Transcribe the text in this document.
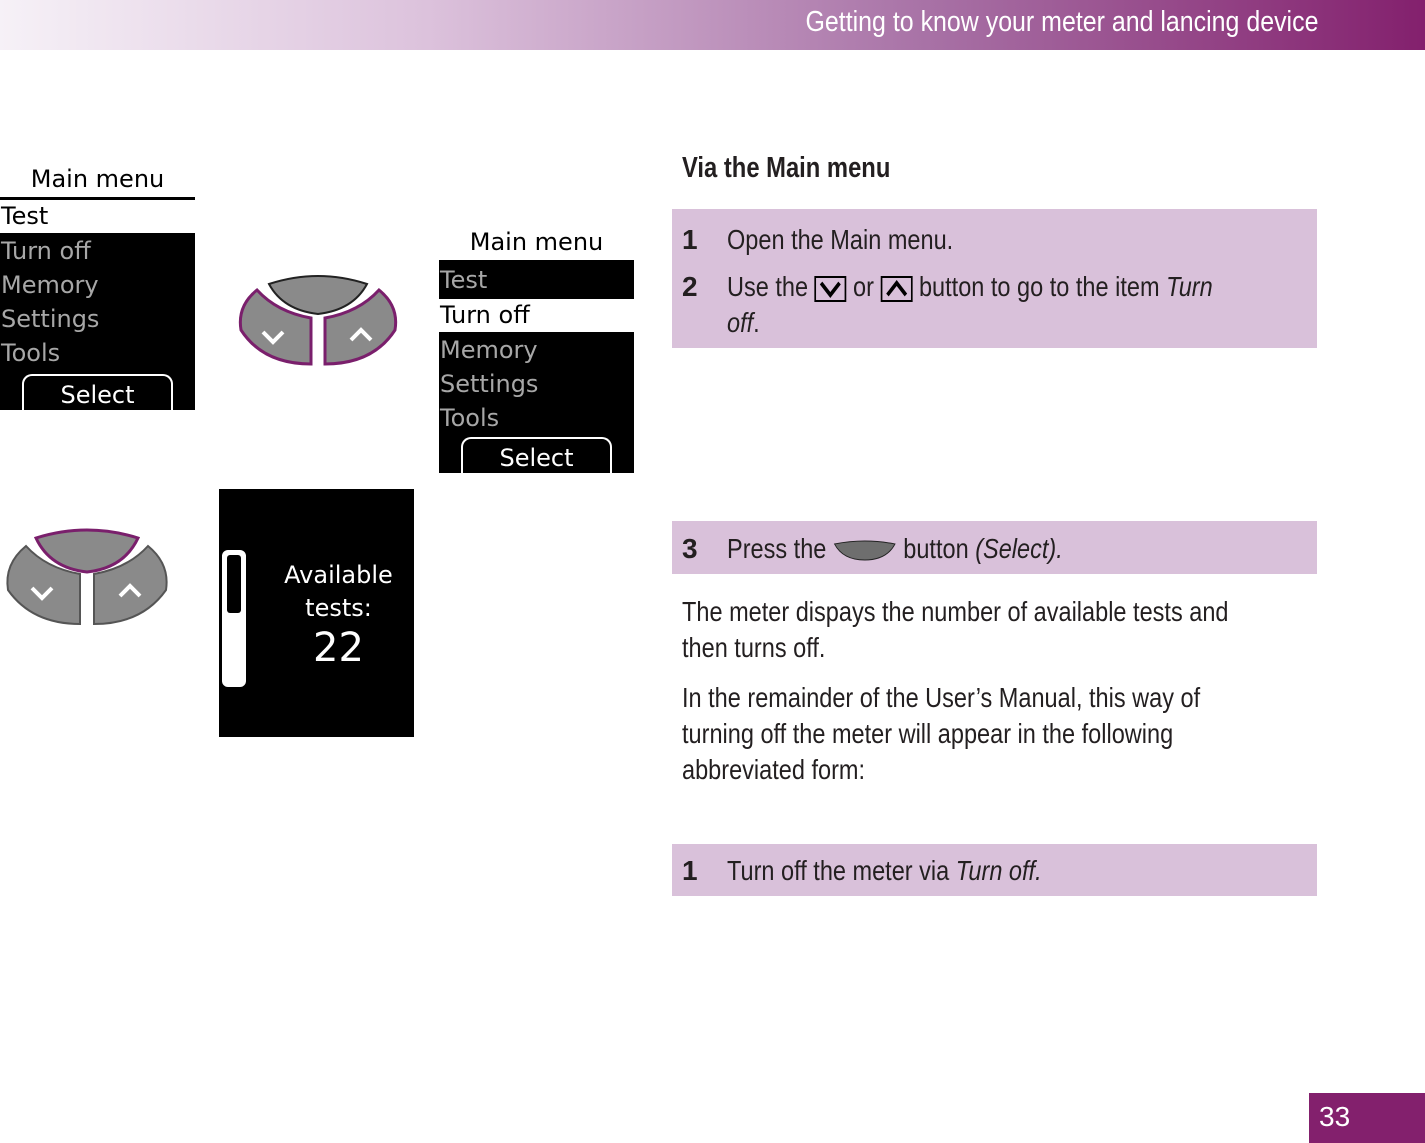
Getting to know your meter and lancing device
Main menu
Test
Turn off
Memory
Settings
Tools
Select
Main menu
Test
Turn off
Memory
Settings
Tools
Select
Available
tests:
22
Via the Main menu
1 Open the Main menu.
2 Use the or button to go to the item Turn
off.
3 Press the	button (Select).
The meter dispays the number of available tests and
then turns off.
In the remainder of the User’s Manual, this way of
turning off the meter will appear in the following
abbreviated form:
1 Turn off the meter via Turn off.
33
